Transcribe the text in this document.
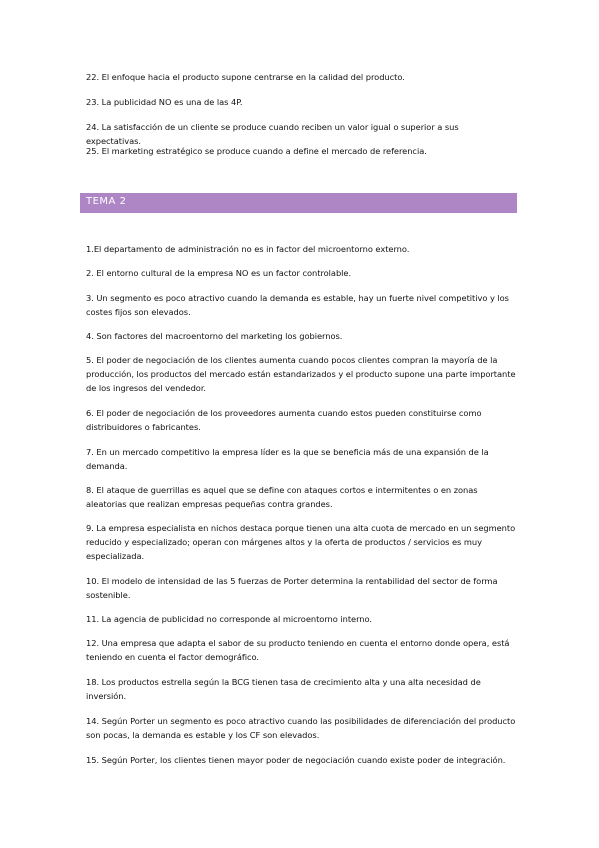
22. El enfoque hacia el producto supone centrarse en la calidad del producto.
23. La publicidad NO es una de las 4P.
24. La satisfacción de un cliente se produce cuando reciben un valor igual o superior a sus expectativas.
25. El marketing estratégico se produce cuando a define el mercado de referencia.
TEMA 2
1.El departamento de administración no es in factor del microentorno externo.
2. El entorno cultural de la empresa NO es un factor controlable.
3. Un segmento es poco atractivo cuando la demanda es estable, hay un fuerte nivel competitivo y los costes fijos son elevados.
4. Son factores del macroentorno del marketing los gobiernos.
5. El poder de negociación de los clientes aumenta cuando pocos clientes compran la mayoría de la producción, los productos del mercado están estandarizados y el producto supone una parte importante de los ingresos del vendedor.
6. El poder de negociación de los proveedores aumenta cuando estos pueden constituirse como distribuidores o fabricantes.
7. En un mercado competitivo la empresa líder es la que se beneficia más de una expansión de la demanda.
8. El ataque de guerrillas es aquel que se define con ataques cortos e intermitentes o en zonas aleatorias que realizan empresas pequeñas contra grandes.
9. La empresa especialista en nichos destaca porque tienen una alta cuota de mercado en un segmento reducido y especializado; operan con márgenes altos y la oferta de productos / servicios es muy especializada.
10. El modelo de intensidad de las 5 fuerzas de Porter determina la rentabilidad del sector de forma sostenible.
11. La agencia de publicidad no corresponde al microentorno interno.
12. Una empresa que adapta el sabor de su producto teniendo en cuenta el entorno donde opera, está teniendo en cuenta el factor demográfico.
18. Los productos estrella según la BCG tienen tasa de crecimiento alta y una alta necesidad de inversión.
14. Según Porter un segmento es poco atractivo cuando las posibilidades de diferenciación del producto son pocas, la demanda es estable y los CF son elevados.
15. Según Porter, los clientes tienen mayor poder de negociación cuando existe poder de integración.
